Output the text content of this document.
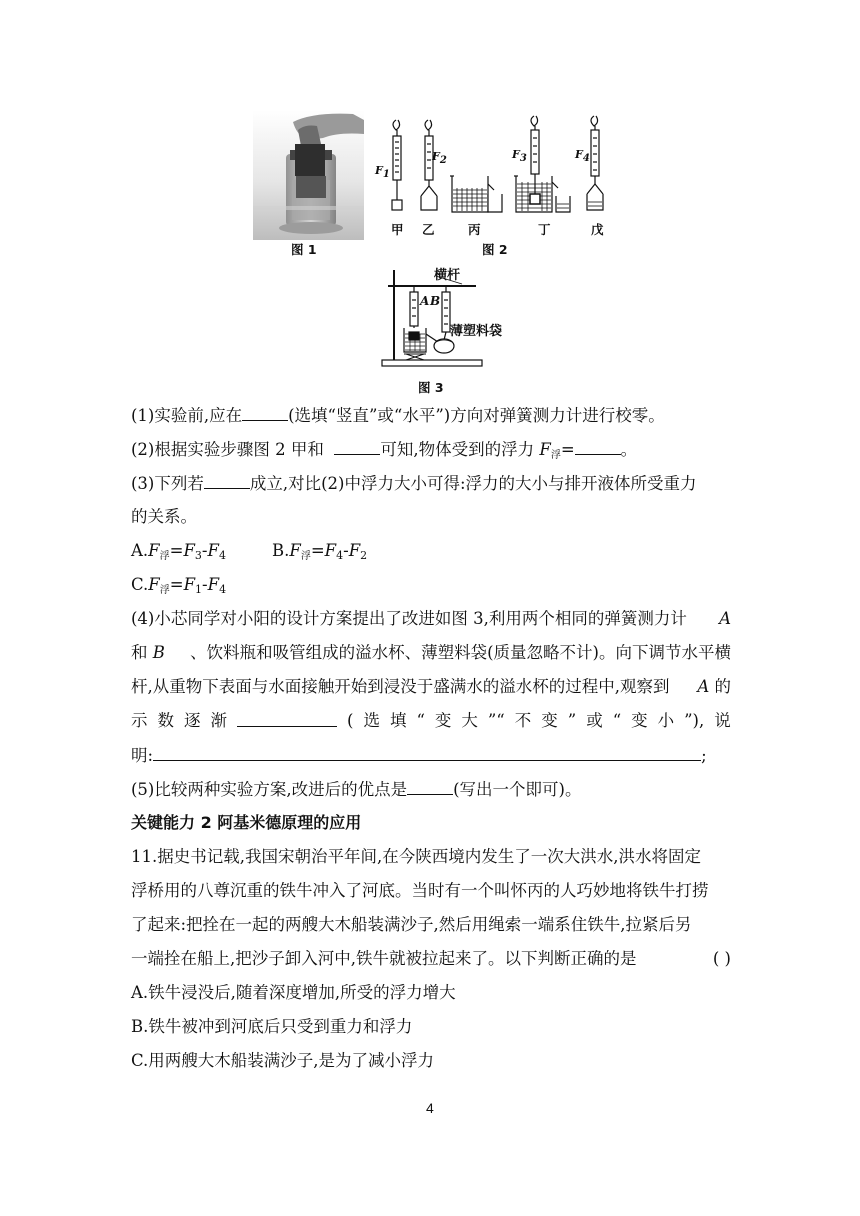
图 1
F1
F2	F3	F4
甲 乙	丙	丁	戊
图 2
横杆
A B
薄塑料袋
图 3
(1)实验前,应在	(选填“竖直”或“水平”)方向对弹簧测力计进行校零。
(2)根据实验步骤图 2 甲和	可知,物体受到的浮力 $F_浮=$	。
(3)下列若	成立,对比(2)中浮力大小可得:浮力的大小与排开液体所受重力
的关系。
$A.F_浮=F3-F4$	$B.F_浮=F4-F2$
$C.F_浮=F1-F4$
(4)小芯同学对小阳的设计方案提出了改进如图 3,利用两个相同的弹簧测力计 A
和 B 、饮料瓶和吸管组成的溢水杯、薄塑料袋(质量忽略不计)。向下调节水平横
杆,从重物下表面与水面接触开始到浸没于盛满水的溢水杯的过程中,观察到 A 的
示 数 逐 渐	( 选 填 “ 变 大 ”“ 不 变 ” 或 “ 变 小 ”), 说
明:	;
(5)比较两种实验方案,改进后的优点是	(写出一个即可)。
关键能力 2 阿基米德原理的应用
11.据史书记载,我国宋朝治平年间,在今陕西境内发生了一次大洪水,洪水将固定
浮桥用的八尊沉重的铁牛冲入了河底。当时有一个叫怀丙的人巧妙地将铁牛打捞
了起来:把拴在一起的两艘大木船装满沙子,然后用绳索一端系住铁牛,拉紧后另
一端拴在船上,把沙子卸入河中,铁牛就被拉起来了。以下判断正确的是	( )
A.铁牛浸没后,随着深度增加,所受的浮力增大
B.铁牛被冲到河底后只受到重力和浮力
C.用两艘大木船装满沙子,是为了减小浮力
4
